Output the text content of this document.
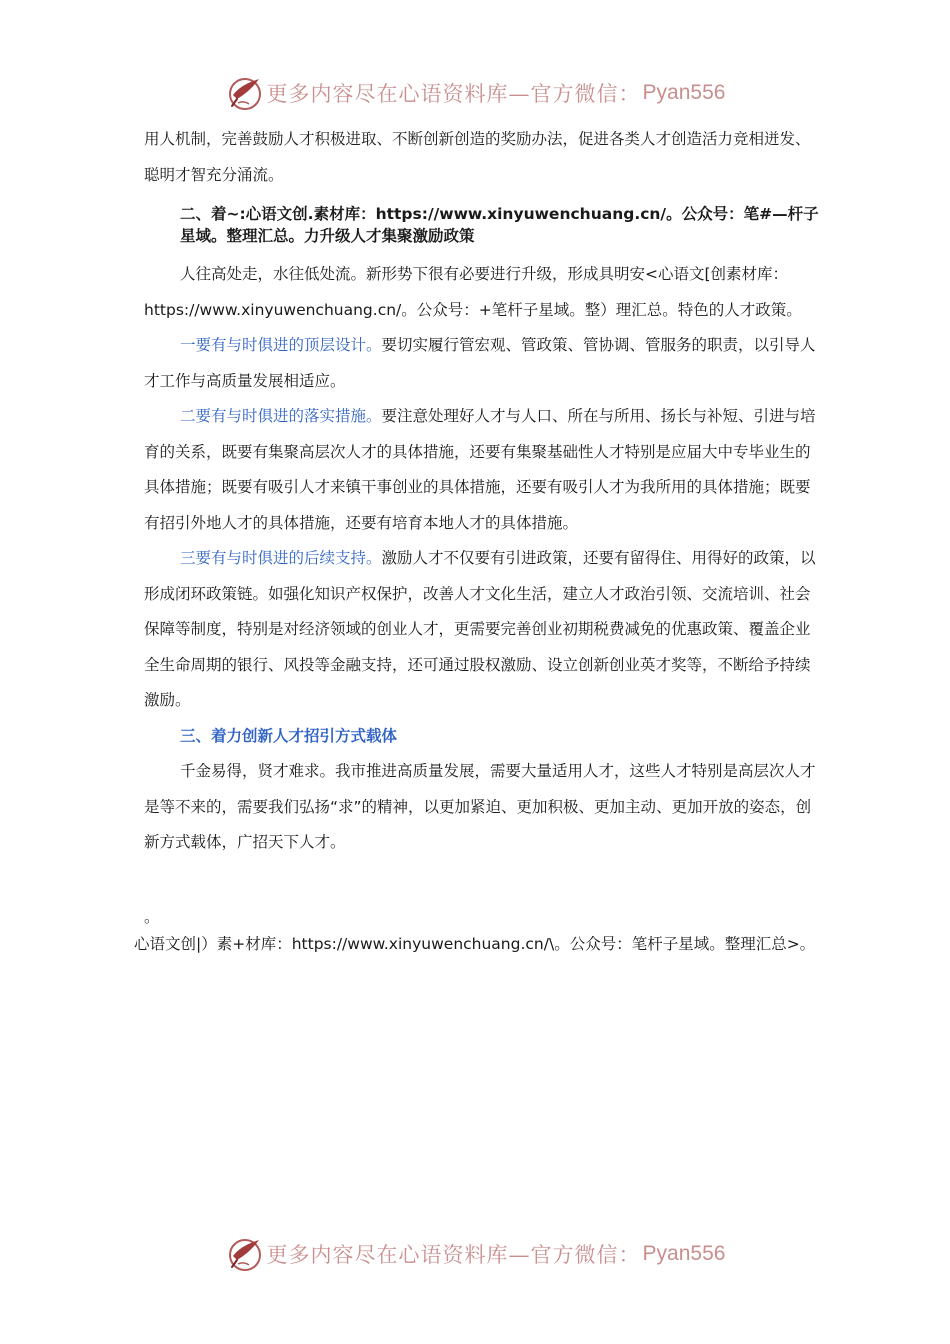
更多内容尽在心语资料库—官方微信： Pyan556

用人机制，完善鼓励人才积极进取、不断创新创造的奖励办法，促进各类人才创造活力竞相迸发、聪明才智充分涌流。

二、着~:心语文创.素材库：https://www.xinyuwenchuang.cn/。公众号：笔#—杆子星域。整理汇总。力升级人才集聚激励政策

人往高处走，水往低处流。新形势下很有必要进行升级，形成具明安<心语文[创素材库：https://www.xinyuwenchuang.cn/。公众号：+笔杆子星域。整）理汇总。特色的人才政策。

一要有与时俱进的顶层设计。要切实履行管宏观、管政策、管协调、管服务的职责，以引导人才工作与高质量发展相适应。

二要有与时俱进的落实措施。要注意处理好人才与人口、所在与所用、扬长与补短、引进与培育的关系，既要有集聚高层次人才的具体措施，还要有集聚基础性人才特别是应届大中专毕业生的具体措施；既要有吸引人才来镇干事创业的具体措施，还要有吸引人才为我所用的具体措施；既要有招引外地人才的具体措施，还要有培育本地人才的具体措施。

三要有与时俱进的后续支持。激励人才不仅要有引进政策，还要有留得住、用得好的政策，以形成闭环政策链。如强化知识产权保护，改善人才文化生活，建立人才政治引领、交流培训、社会保障等制度，特别是对经济领域的创业人才，更需要完善创业初期税费减免的优惠政策、覆盖企业全生命周期的银行、风投等金融支持，还可通过股权激励、设立创新创业英才奖等，不断给予持续激励。

三、着力创新人才招引方式载体

千金易得，贤才难求。我市推进高质量发展，需要大量适用人才，这些人才特别是高层次人才是等不来的，需要我们弘扬“求”的精神，以更加紧迫、更加积极、更加主动、更加开放的姿态，创新方式载体，广招天下人才。

。

心语文创|）素+材库：https://www.xinyuwenchuang.cn/\。公众号：笔杆子星域。整理汇总>。

更多内容尽在心语资料库—官方微信： Pyan556
